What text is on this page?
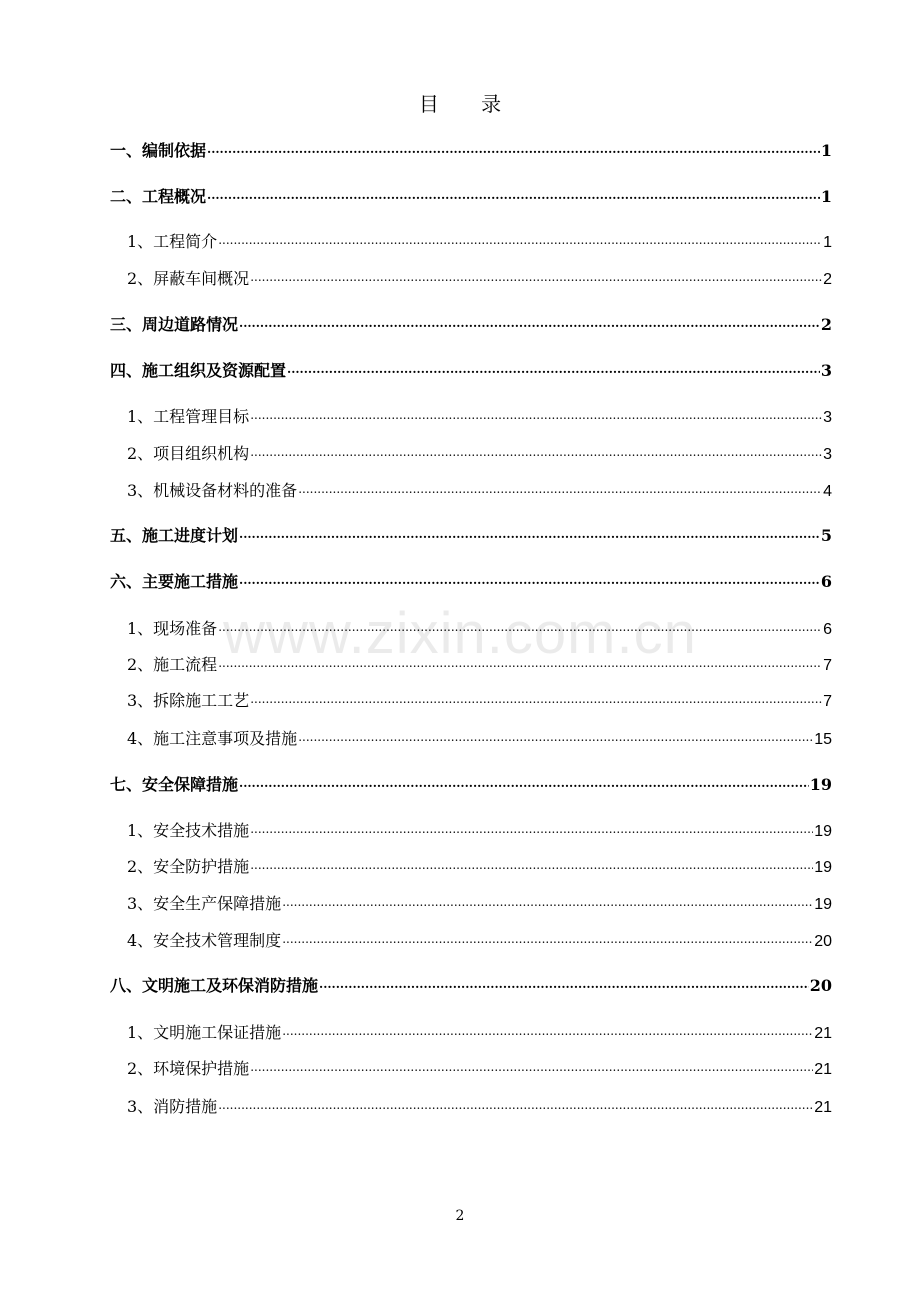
目 录
一、编制依据 .....	1
二、工程概况 .....	1
1、工程简介 .....	1
2、屏蔽车间概况 .....	2
三、周边道路情况 .....	2
四、施工组织及资源配置 .....	3
1、工程管理目标 .....	3
2、项目组织机构 .....	3
3、机械设备材料的准备 .....	4
五、施工进度计划 .....	5
六、主要施工措施 .....	6
1、现场准备 .....	6
2、施工流程 .....	7
3、拆除施工工艺 .....	7
4、施工注意事项及措施 .....	15
七、安全保障措施 .....	19
1、安全技术措施 .....	19
2、安全防护措施 .....	19
3、安全生产保障措施 .....	19
4、安全技术管理制度 .....	20
八、文明施工及环保消防措施 .....	20
1、文明施工保证措施 .....	21
2、环境保护措施 .....	21
3、消防措施 .....	21
www.zixin.com.cn
2
